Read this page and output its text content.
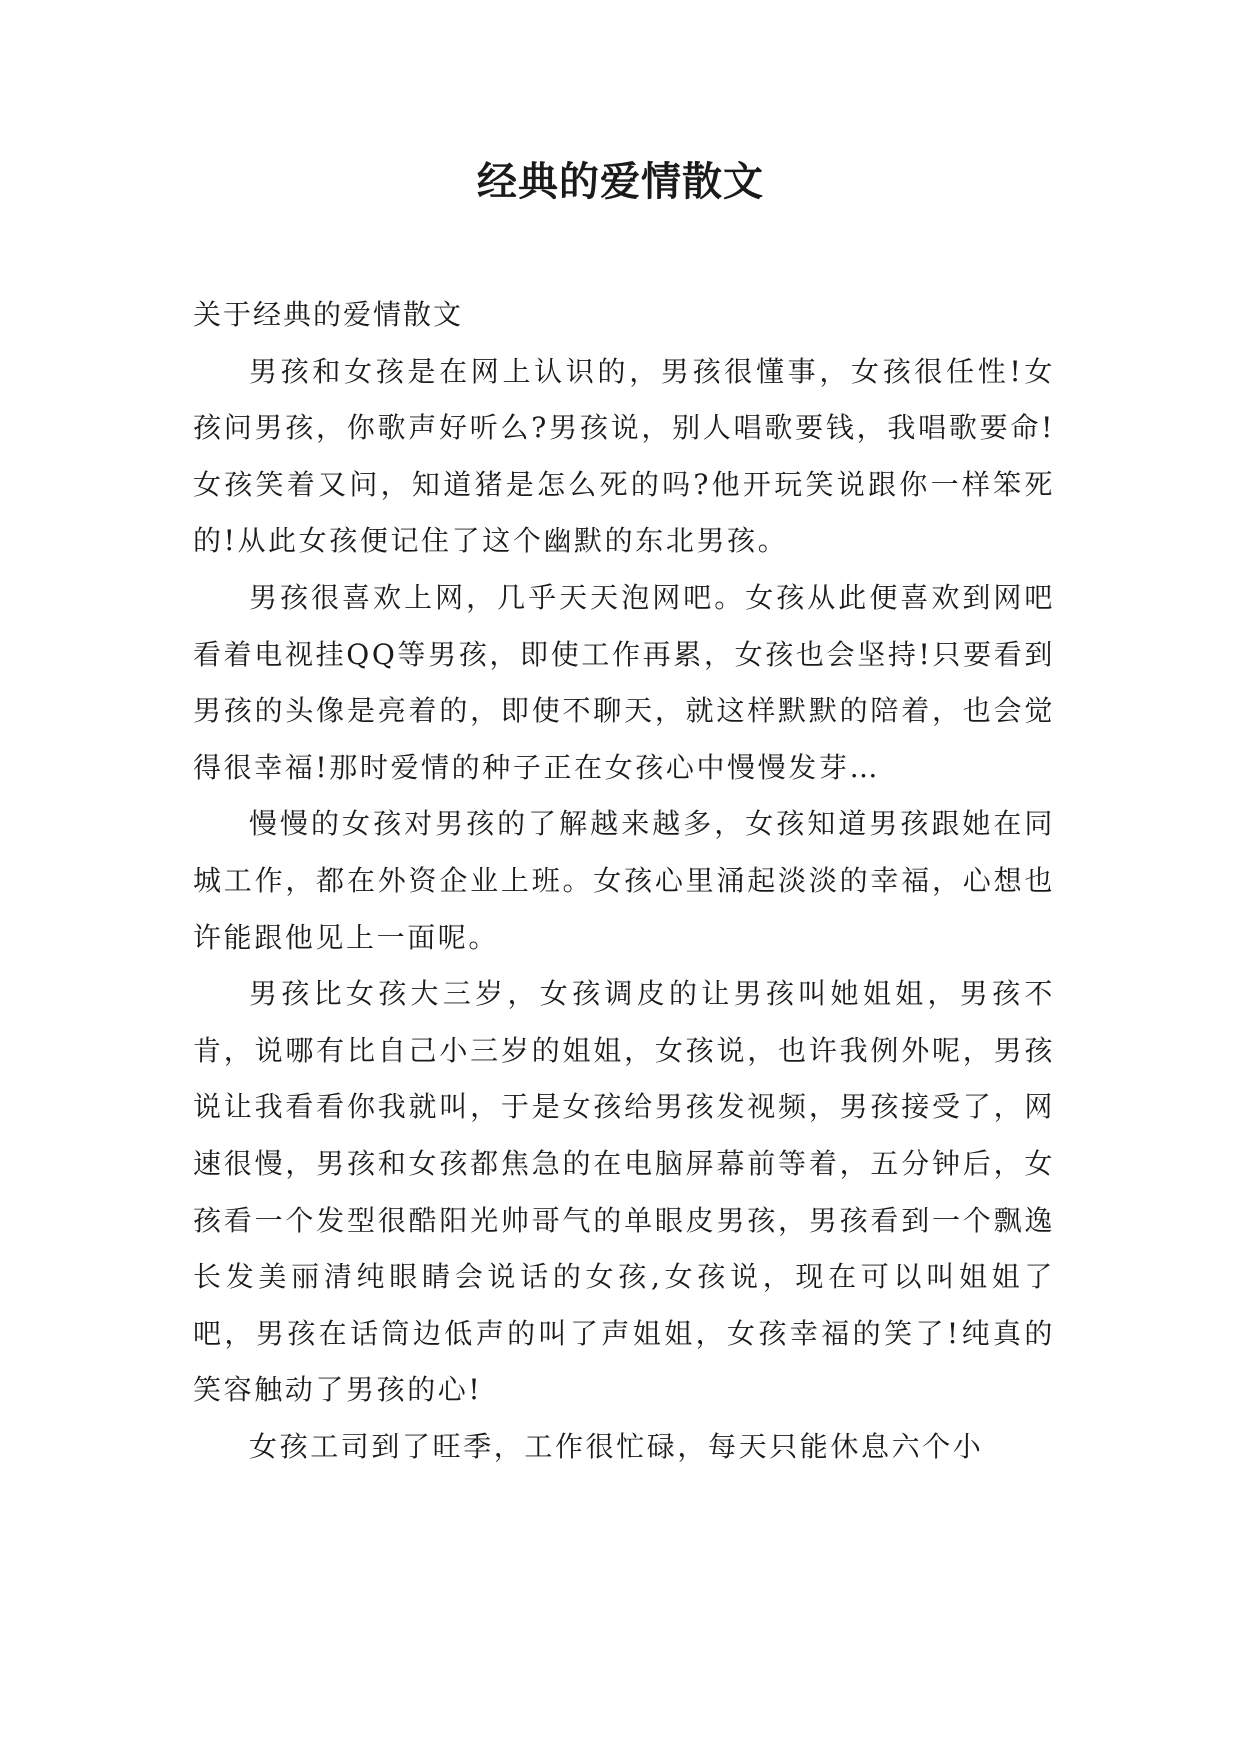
经典的爱情散文

关于经典的爱情散文

男孩和女孩是在网上认识的，男孩很懂事，女孩很任性!女孩问男孩，你歌声好听么?男孩说，别人唱歌要钱，我唱歌要命!女孩笑着又问，知道猪是怎么死的吗?他开玩笑说跟你一样笨死的!从此女孩便记住了这个幽默的东北男孩。

男孩很喜欢上网，几乎天天泡网吧。女孩从此便喜欢到网吧看着电视挂QQ等男孩，即使工作再累，女孩也会坚持!只要看到男孩的头像是亮着的，即使不聊天，就这样默默的陪着，也会觉得很幸福!那时爱情的种子正在女孩心中慢慢发芽…

慢慢的女孩对男孩的了解越来越多，女孩知道男孩跟她在同城工作，都在外资企业上班。女孩心里涌起淡淡的幸福，心想也许能跟他见上一面呢。

男孩比女孩大三岁，女孩调皮的让男孩叫她姐姐，男孩不肯，说哪有比自己小三岁的姐姐，女孩说，也许我例外呢，男孩说让我看看你我就叫，于是女孩给男孩发视频，男孩接受了，网速很慢，男孩和女孩都焦急的在电脑屏幕前等着，五分钟后，女孩看一个发型很酷阳光帅哥气的单眼皮男孩，男孩看到一个飘逸长发美丽清纯眼睛会说话的女孩,女孩说，现在可以叫姐姐了吧，男孩在话筒边低声的叫了声姐姐，女孩幸福的笑了!纯真的笑容触动了男孩的心!

女孩工司到了旺季，工作很忙碌，每天只能休息六个小
